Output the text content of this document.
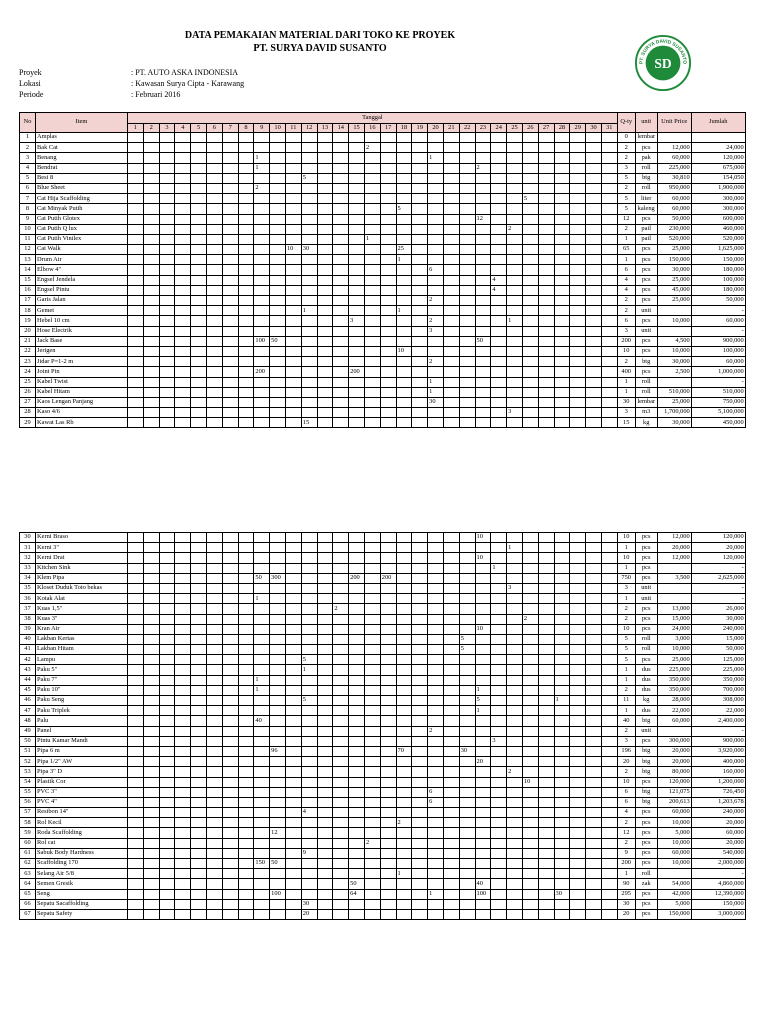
DATA PEMAKAIAN MATERIAL DARI TOKO KE PROYEK
PT. SURYA DAVID SUSANTO
PT. SURYA DAVID SUSANTO
KARAWANG
SD
Proyek	: PT. AUTO ASKA INDONESIA
Lokasi	: Kawasan Surya Cipta - Karawang
Periode	: Februari 2016
No	Item	Tanggal																															Q-ty	unit	Unit Price	Jumlah
		1	2	3	4	5	6	7	8	9	10	11	12	13	14	15	16	17	18	19	20	21	22	23	24	25	26	27	28	29	30	31				
1	Amplas																																0	lembar		
2	Bak Cat																2																2	pcs	12,000	24,000
3	Benang									1											1												2	pak	60,000	120,000
4	Bendrat									1														2									3	roll	225,000	675,000
5	Besi 8												5																				5	btg	30,810	154,050
6	Blue Sheet									2																							2	roll	950,000	1,900,000
7	Cat Hija Scaffolding																										5						5	liter	60,000	300,000
8	Cat Minyak Putih																		5														5	kaleng	60,000	300,000
9	Cat Putih Glotex																							12									12	pcs	50,000	600,000
10	Cat Putih Q lux																									2							2	pail	230,000	460,000
11	Cat Putih Vinilex																1																1	pail	520,000	520,000
12	Cat Walk											10	30						25														65	pcs	25,000	1,625,000
13	Drum Air																		1														1	pcs	150,000	150,000
14	Elbow 4"																				6												6	pcs	30,000	180,000
15	Engsel Jendela																								4								4	pcs	25,000	100,000
16	Engsel Pintu																								4								4	pcs	45,000	180,000
17	Garis Jalan																				2												2	pcs	25,000	50,000
18	Gemet												1						1														2	unit		-
19	Hebel 10 cm															3					2					1							6	pcs	10,000	60,000
20	Hose Electrik																				3												3	unit		-
21	Jack Base									100	50													50									200	pcs	4,500	900,000
22	Jerigen																		10														10	pcs	10,000	100,000
23	Jidar P=1-2 m																				2												2	btg	30,000	60,000
24	Joint Pin									200						200																	400	pcs	2,500	1,000,000
25	Kabel Twist																				1												1	roll		-
26	Kabel Hitam																				1												1	roll	510,000	510,000
27	Kaos Lengan Panjang																				30												30	lembar	25,000	750,000
28	Kaso 4/6																									3							3	m3	1,700,000	5,100,000
29	Kawat Las Rb												15																				15	kg	30,000	450,000
30	Kerni Braso																							10									10	pcs	12,000	120,000
31	Kerni 3"																									1							1	pcs	20,000	20,000
32	Kerni Drat																							10									10	pcs	12,000	120,000
33	Kitchen Sink																								1								1	pcs		-
34	Klem Pipa									50	300					200		200															750	pcs	3,500	2,625,000
35	Kloset Duduk Toto bekas																									3							3	unit		-
36	Kotak Alat									1																							1	unit		-
37	Kuas 1,5"														2																		2	pcs	13,000	26,000
38	Kuas 3"																										2						2	pcs	15,000	30,000
39	Kran Air																							10									10	pcs	24,000	240,000
40	Lakban Kertas																						5										5	roll	3,000	15,000
41	Lakban Hitam																						5										5	roll	10,000	50,000
42	Lampu												5																				5	pcs	25,000	125,000
43	Paku 5"												1																				1	dus	225,000	225,000
44	Paku 7"									1																							1	dus	350,000	350,000
45	Paku 10"									1														1									2	dus	350,000	700,000
46	Paku Seng												5											5					1				11	kg	28,000	308,000
47	Paku Triplek																							1									1	dus	22,000	22,000
48	Palu									40																							40	btg	60,000	2,400,000
49	Panel																				2												2	unit		-
50	Pintu Kamar Mandi																								3								3	pcs	300,000	900,000
51	Pipa 6 m										96								70				30										196	btg	20,000	3,920,000
52	Pipa 1/2" AW																							20									20	btg	20,000	400,000
53	Pipa 3" D																									2							2	btg	80,000	160,000
54	Plastik Cor																										10						10	pcs	120,000	1,200,000
55	PVC 3"																				6												6	btg	121,075	726,450
56	PVC 4"																				6												6	btg	200,613	1,203,678
57	Resibon 14"												4																				4	pcs	60,000	240,000
58	Rol Kecil																		2														2	pcs	10,000	20,000
59	Roda Scaffolding										12																						12	pcs	5,000	60,000
60	Rol cat																2																2	pcs	10,000	20,000
61	Sabuk Body Hardness												9																				9	pcs	60,000	540,000
62	Scaffolding 170									150	50																						200	pcs	10,000	2,000,000
63	Selang Air 5/8																		1														1	roll		-
64	Semen Gresik															50								40									90	zak	54,000	4,860,000
65	Seng										100					64					1			100					30				295	pcs	42,000	12,390,000
66	Sepatu Sacaffolding												30																				30	pcs	5,000	150,000
67	Sepatu Safety												20																				20	pcs	150,000	3,000,000
